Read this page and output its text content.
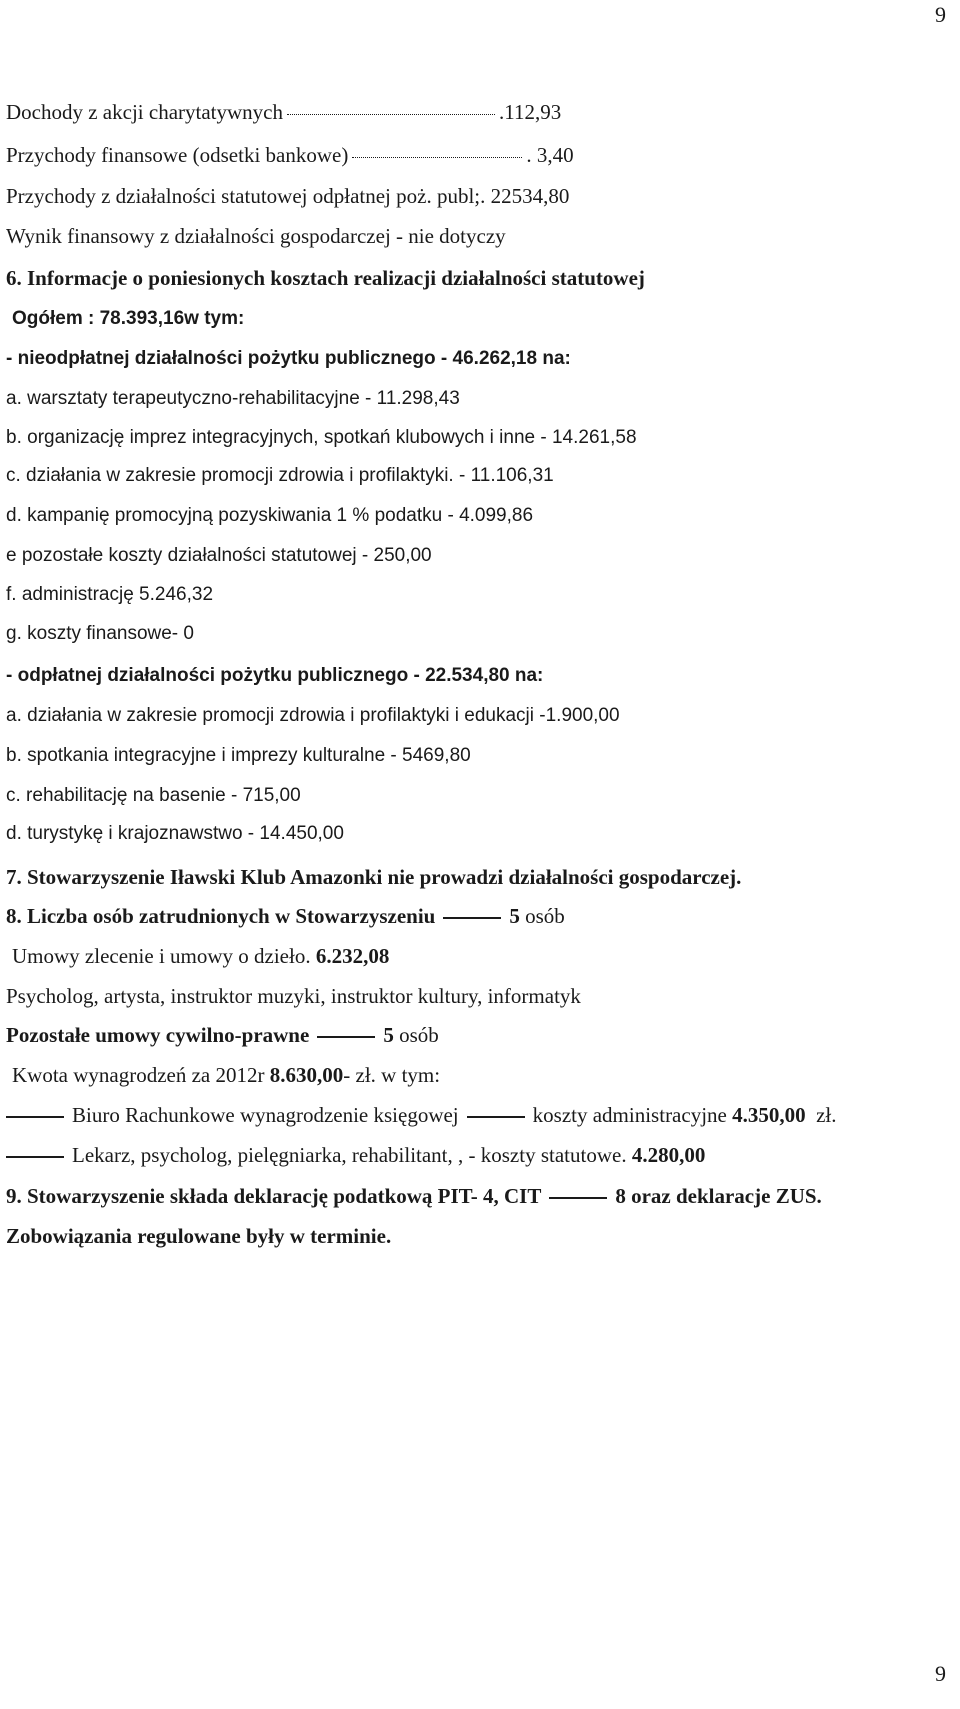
9
Dochody z akcji charytatywnych	.112,93
Przychody finansowe (odsetki bankowe)	. 3,40
Przychody z działalności statutowej odpłatnej poż. publ;. 22534,80
Wynik finansowy z działalności gospodarczej - nie dotyczy
6. Informacje o poniesionych kosztach realizacji działalności statutowej
Ogółem : 78.393,16w tym:
- nieodpłatnej działalności pożytku publicznego - 46.262,18 na:
a. warsztaty terapeutyczno-rehabilitacyjne - 11.298,43
b. organizację imprez integracyjnych, spotkań klubowych i inne - 14.261,58
c. działania w zakresie promocji zdrowia i profilaktyki. - 11.106,31
d. kampanię promocyjną pozyskiwania 1 % podatku - 4.099,86
e pozostałe koszty działalności statutowej - 250,00
f. administrację 5.246,32
g. koszty finansowe- 0
- odpłatnej działalności pożytku publicznego - 22.534,80 na:
a. działania w zakresie promocji zdrowia i profilaktyki i edukacji -1.900,00
b. spotkania integracyjne i imprezy kulturalne - 5469,80
c. rehabilitację na basenie - 715,00
d. turystykę i krajoznawstwo - 14.450,00
7. Stowarzyszenie Iławski Klub Amazonki nie prowadzi działalności gospodarczej.
8. Liczba osób zatrudnionych w Stowarzyszeniu	5 osób
Umowy zlecenie i umowy o dzieło. 6.232,08
Psycholog, artysta, instruktor muzyki, instruktor kultury, informatyk
Pozostałe umowy cywilno-prawne	5 osób
Kwota wynagrodzeń za 2012r 8.630,00- zł. w tym:
Biuro Rachunkowe wynagrodzenie księgowej	koszty administracyjne 4.350,00 zł.
Lekarz, psycholog, pielęgniarka, rehabilitant, , - koszty statutowe. 4.280,00
9. Stowarzyszenie składa deklarację podatkową PIT- 4, CIT	8 oraz deklaracje ZUS.
Zobowiązania regulowane były w terminie.
9
